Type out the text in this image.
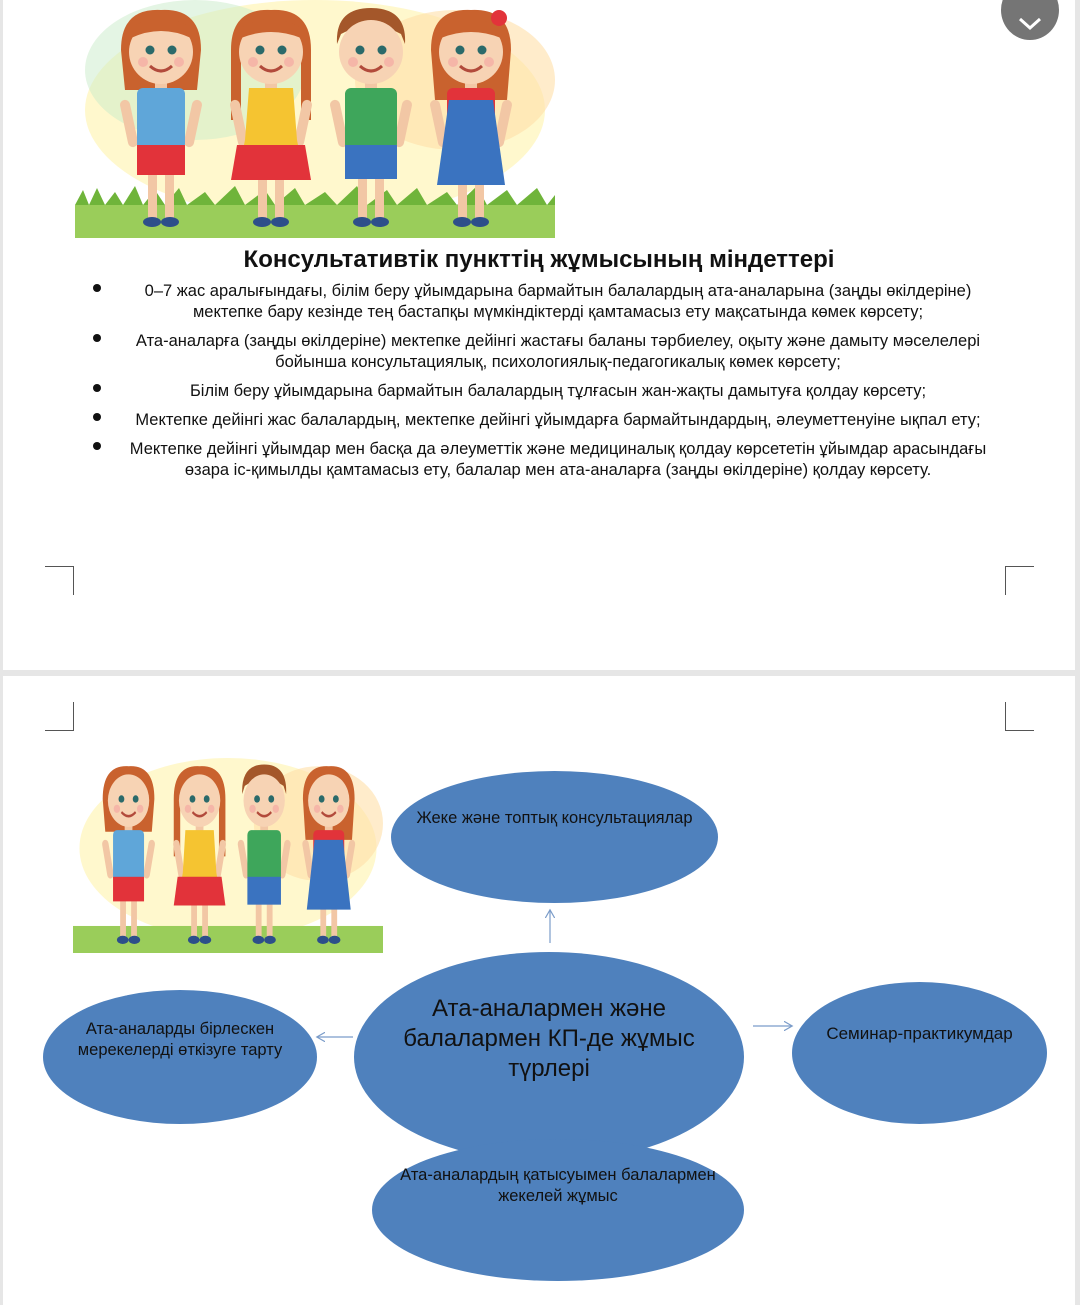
Консультативтік пункттің жұмысының міндеттері
0–7 жас аралығындағы, білім беру ұйымдарына бармайтын балалардың ата-аналарына (заңды өкілдеріне) мектепке бару кезінде тең бастапқы мүмкіндіктерді қамтамасыз ету мақсатында көмек көрсету;
Ата-аналарға (заңды өкілдеріне) мектепке дейінгі жастағы баланы тәрбиелеу, оқыту және дамыту мәселелері бойынша консультациялық, психологиялық-педагогикалық көмек көрсету;
Білім беру ұйымдарына бармайтын балалардың тұлғасын жан-жақты дамытуға қолдау көрсету;
Мектепке дейінгі жас балалардың, мектепке дейінгі ұйымдарға бармайтындардың, әлеуметтенуіне ықпал ету;
Мектепке дейінгі ұйымдар мен басқа да әлеуметтік және медициналық қолдау көрсететін ұйымдар арасындағы өзара іс-қимылды қамтамасыз ету, балалар мен ата-аналарға (заңды өкілдеріне) қолдау көрсету.
Жеке және топтық консультациялар
Ата-аналарды бірлескен мерекелерді өткізуге тарту
Ата-аналармен және балалармен КП-де жұмыс түрлері
Семинар-практикумдар
Ата-аналардың қатысуымен балалармен жекелей жұмыс
